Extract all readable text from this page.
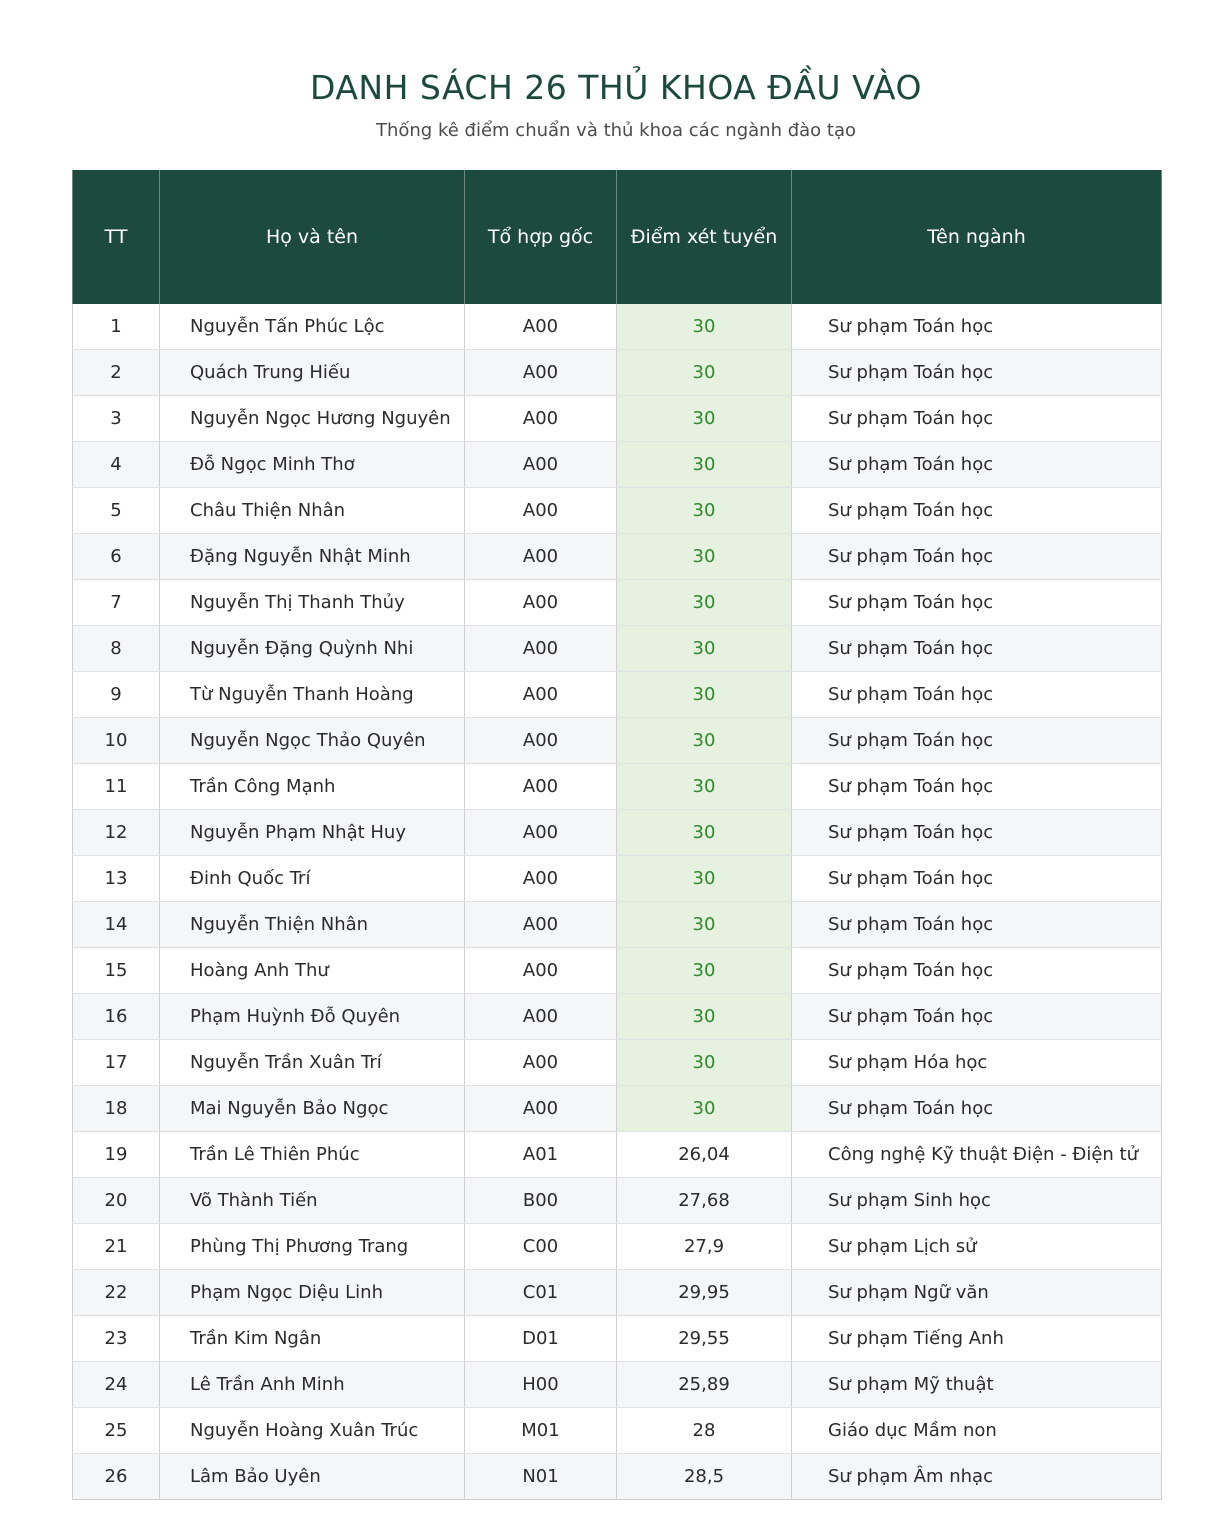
DANH SÁCH 26 THỦ KHOA ĐẦU VÀO
Thống kê điểm chuẩn và thủ khoa các ngành đào tạo
TT	Họ và tên	Tổ hợp gốc	Điểm xét tuyển	Tên ngành
1	Nguyễn Tấn Phúc Lộc	A00	30	Sư phạm Toán học
2	Quách Trung Hiếu	A00	30	Sư phạm Toán học
3	Nguyễn Ngọc Hương Nguyên	A00	30	Sư phạm Toán học
4	Đỗ Ngọc Minh Thơ	A00	30	Sư phạm Toán học
5	Châu Thiện Nhân	A00	30	Sư phạm Toán học
6	Đặng Nguyễn Nhật Minh	A00	30	Sư phạm Toán học
7	Nguyễn Thị Thanh Thủy	A00	30	Sư phạm Toán học
8	Nguyễn Đặng Quỳnh Nhi	A00	30	Sư phạm Toán học
9	Từ Nguyễn Thanh Hoàng	A00	30	Sư phạm Toán học
10	Nguyễn Ngọc Thảo Quyên	A00	30	Sư phạm Toán học
11	Trần Công Mạnh	A00	30	Sư phạm Toán học
12	Nguyễn Phạm Nhật Huy	A00	30	Sư phạm Toán học
13	Đinh Quốc Trí	A00	30	Sư phạm Toán học
14	Nguyễn Thiện Nhân	A00	30	Sư phạm Toán học
15	Hoàng Anh Thư	A00	30	Sư phạm Toán học
16	Phạm Huỳnh Đỗ Quyên	A00	30	Sư phạm Toán học
17	Nguyễn Trần Xuân Trí	A00	30	Sư phạm Hóa học
18	Mai Nguyễn Bảo Ngọc	A00	30	Sư phạm Toán học
19	Trần Lê Thiên Phúc	A01	26,04	Công nghệ Kỹ thuật Điện - Điện tử
20	Võ Thành Tiến	B00	27,68	Sư phạm Sinh học
21	Phùng Thị Phương Trang	C00	27,9	Sư phạm Lịch sử
22	Phạm Ngọc Diệu Linh	C01	29,95	Sư phạm Ngữ văn
23	Trần Kim Ngân	D01	29,55	Sư phạm Tiếng Anh
24	Lê Trần Anh Minh	H00	25,89	Sư phạm Mỹ thuật
25	Nguyễn Hoàng Xuân Trúc	M01	28	Giáo dục Mầm non
26	Lâm Bảo Uyên	N01	28,5	Sư phạm Âm nhạc
